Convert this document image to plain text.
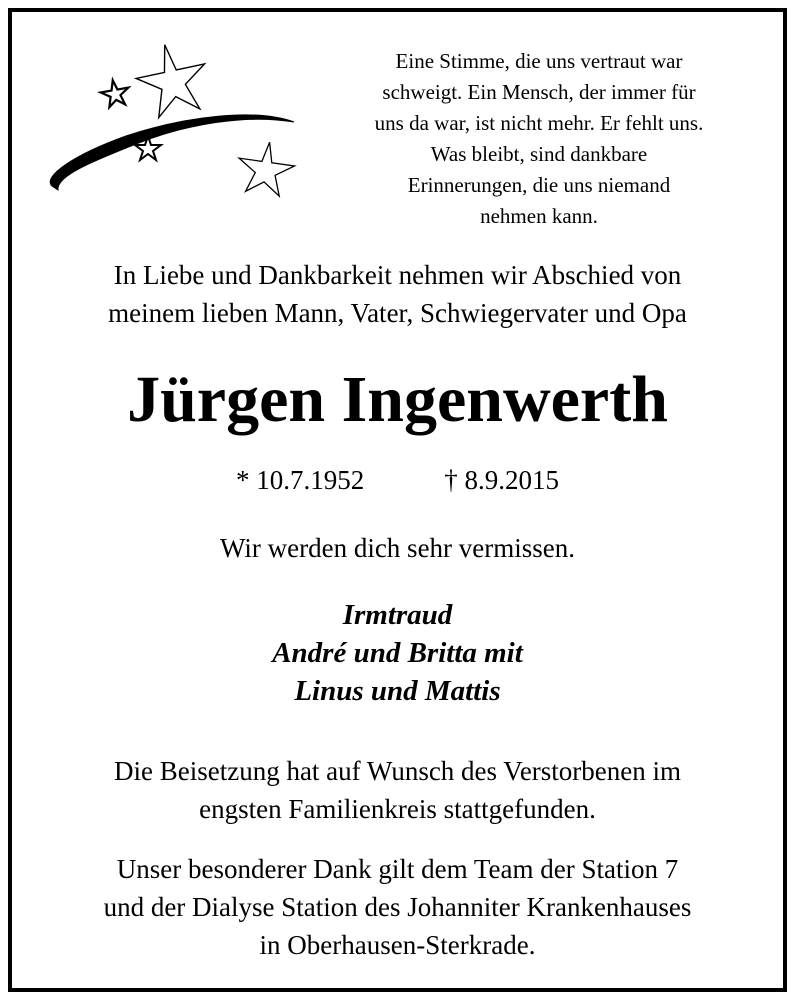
Eine Stimme, die uns vertraut war
schweigt. Ein Mensch, der immer für
uns da war, ist nicht mehr. Er fehlt uns.
Was bleibt, sind dankbare
Erinnerungen, die uns niemand
nehmen kann.
In Liebe und Dankbarkeit nehmen wir Abschied von
meinem lieben Mann, Vater, Schwiegervater und Opa
Jürgen Ingenwerth
* 10.7.1952	† 8.9.2015
Wir werden dich sehr vermissen.
Irmtraud
André und Britta mit
Linus und Mattis
Die Beisetzung hat auf Wunsch des Verstorbenen im
engsten Familienkreis stattgefunden.
Unser besonderer Dank gilt dem Team der Station 7
und der Dialyse Station des Johanniter Krankenhauses
in Oberhausen-Sterkrade.
